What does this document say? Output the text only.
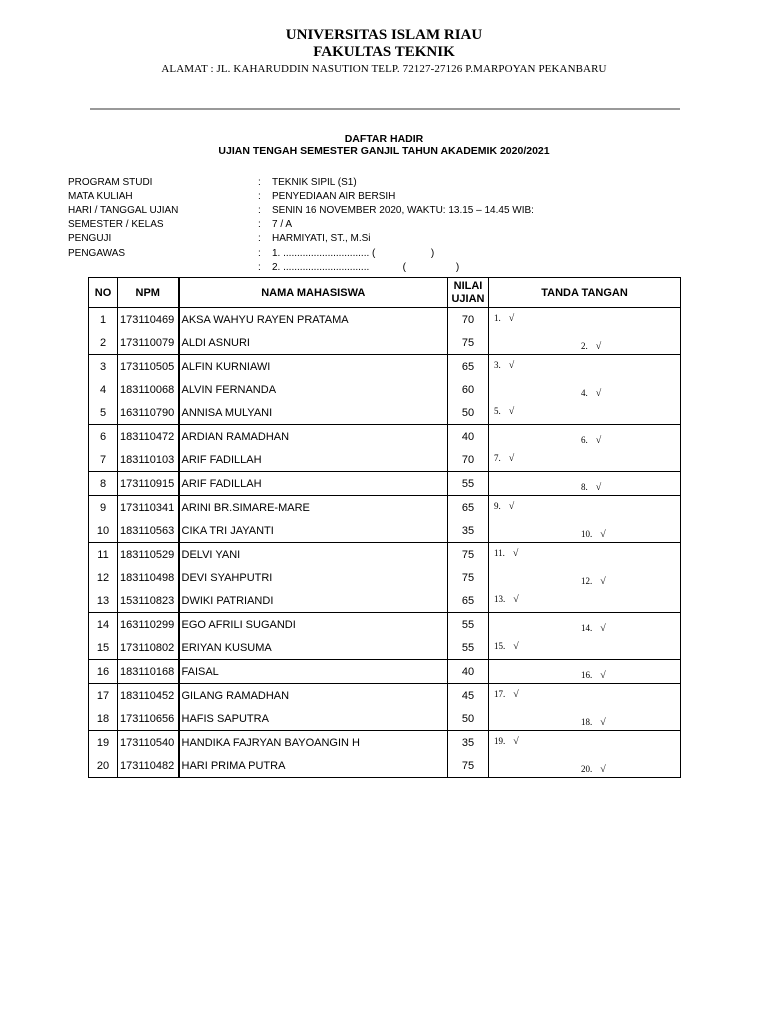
UNIVERSITAS ISLAM RIAU
FAKULTAS TEKNIK
ALAMAT : JL. KAHARUDDIN NASUTION TELP. 72127-27126 P.MARPOYAN PEKANBARU
DAFTAR HADIR
UJIAN TENGAH SEMESTER GANJIL TAHUN AKADEMIK 2020/2021
PROGRAM STUDI	: TEKNIK SIPIL (S1)
MATA KULIAH	: PENYEDIAAN AIR BERSIH
HARI / TANGGAL UJIAN	: SENIN 16 NOVEMBER 2020, WAKTU: 13.15 – 14.45 WIB:
SEMESTER / KELAS	: 7 / A
PENGUJI	: HARMIYATI, ST., M.Si
PENGAWAS	: 1. ............................... (                    )
: 2. ...............................            (                  )
NO	NPM	NAMA MAHASISWA	NILAI
UJIAN	TANDA TANGAN
1	173110469	AKSA WAHYU RAYEN PRATAMA	70	1. √

2	173110079	ALDI ASNURI	75	2. √

3	173110505	ALFIN KURNIAWI	65	3. √

4	183110068	ALVIN FERNANDA	60	4. √

5	163110790	ANNISA MULYANI	50	5. √

6	183110472	ARDIAN RAMADHAN	40	6. √

7	183110103	ARIF FADILLAH	70	7. √

8	173110915	ARIF FADILLAH	55	8. √

9	173110341	ARINI BR.SIMARE-MARE	65	9. √

10	183110563	CIKA TRI JAYANTI	35	10. √

11	183110529	DELVI YANI	75	11. √

12	183110498	DEVI SYAHPUTRI	75	12. √

13	153110823	DWIKI PATRIANDI	65	13. √

14	163110299	EGO AFRILI SUGANDI	55	14. √

15	173110802	ERIYAN KUSUMA	55	15. √

16	183110168	FAISAL	40	16. √

17	183110452	GILANG RAMADHAN	45	17. √

18	173110656	HAFIS SAPUTRA	50	18. √

19	173110540	HANDIKA FAJRYAN BAYOANGIN H	35	19. √

20	173110482	HARI PRIMA PUTRA	75	20. √
